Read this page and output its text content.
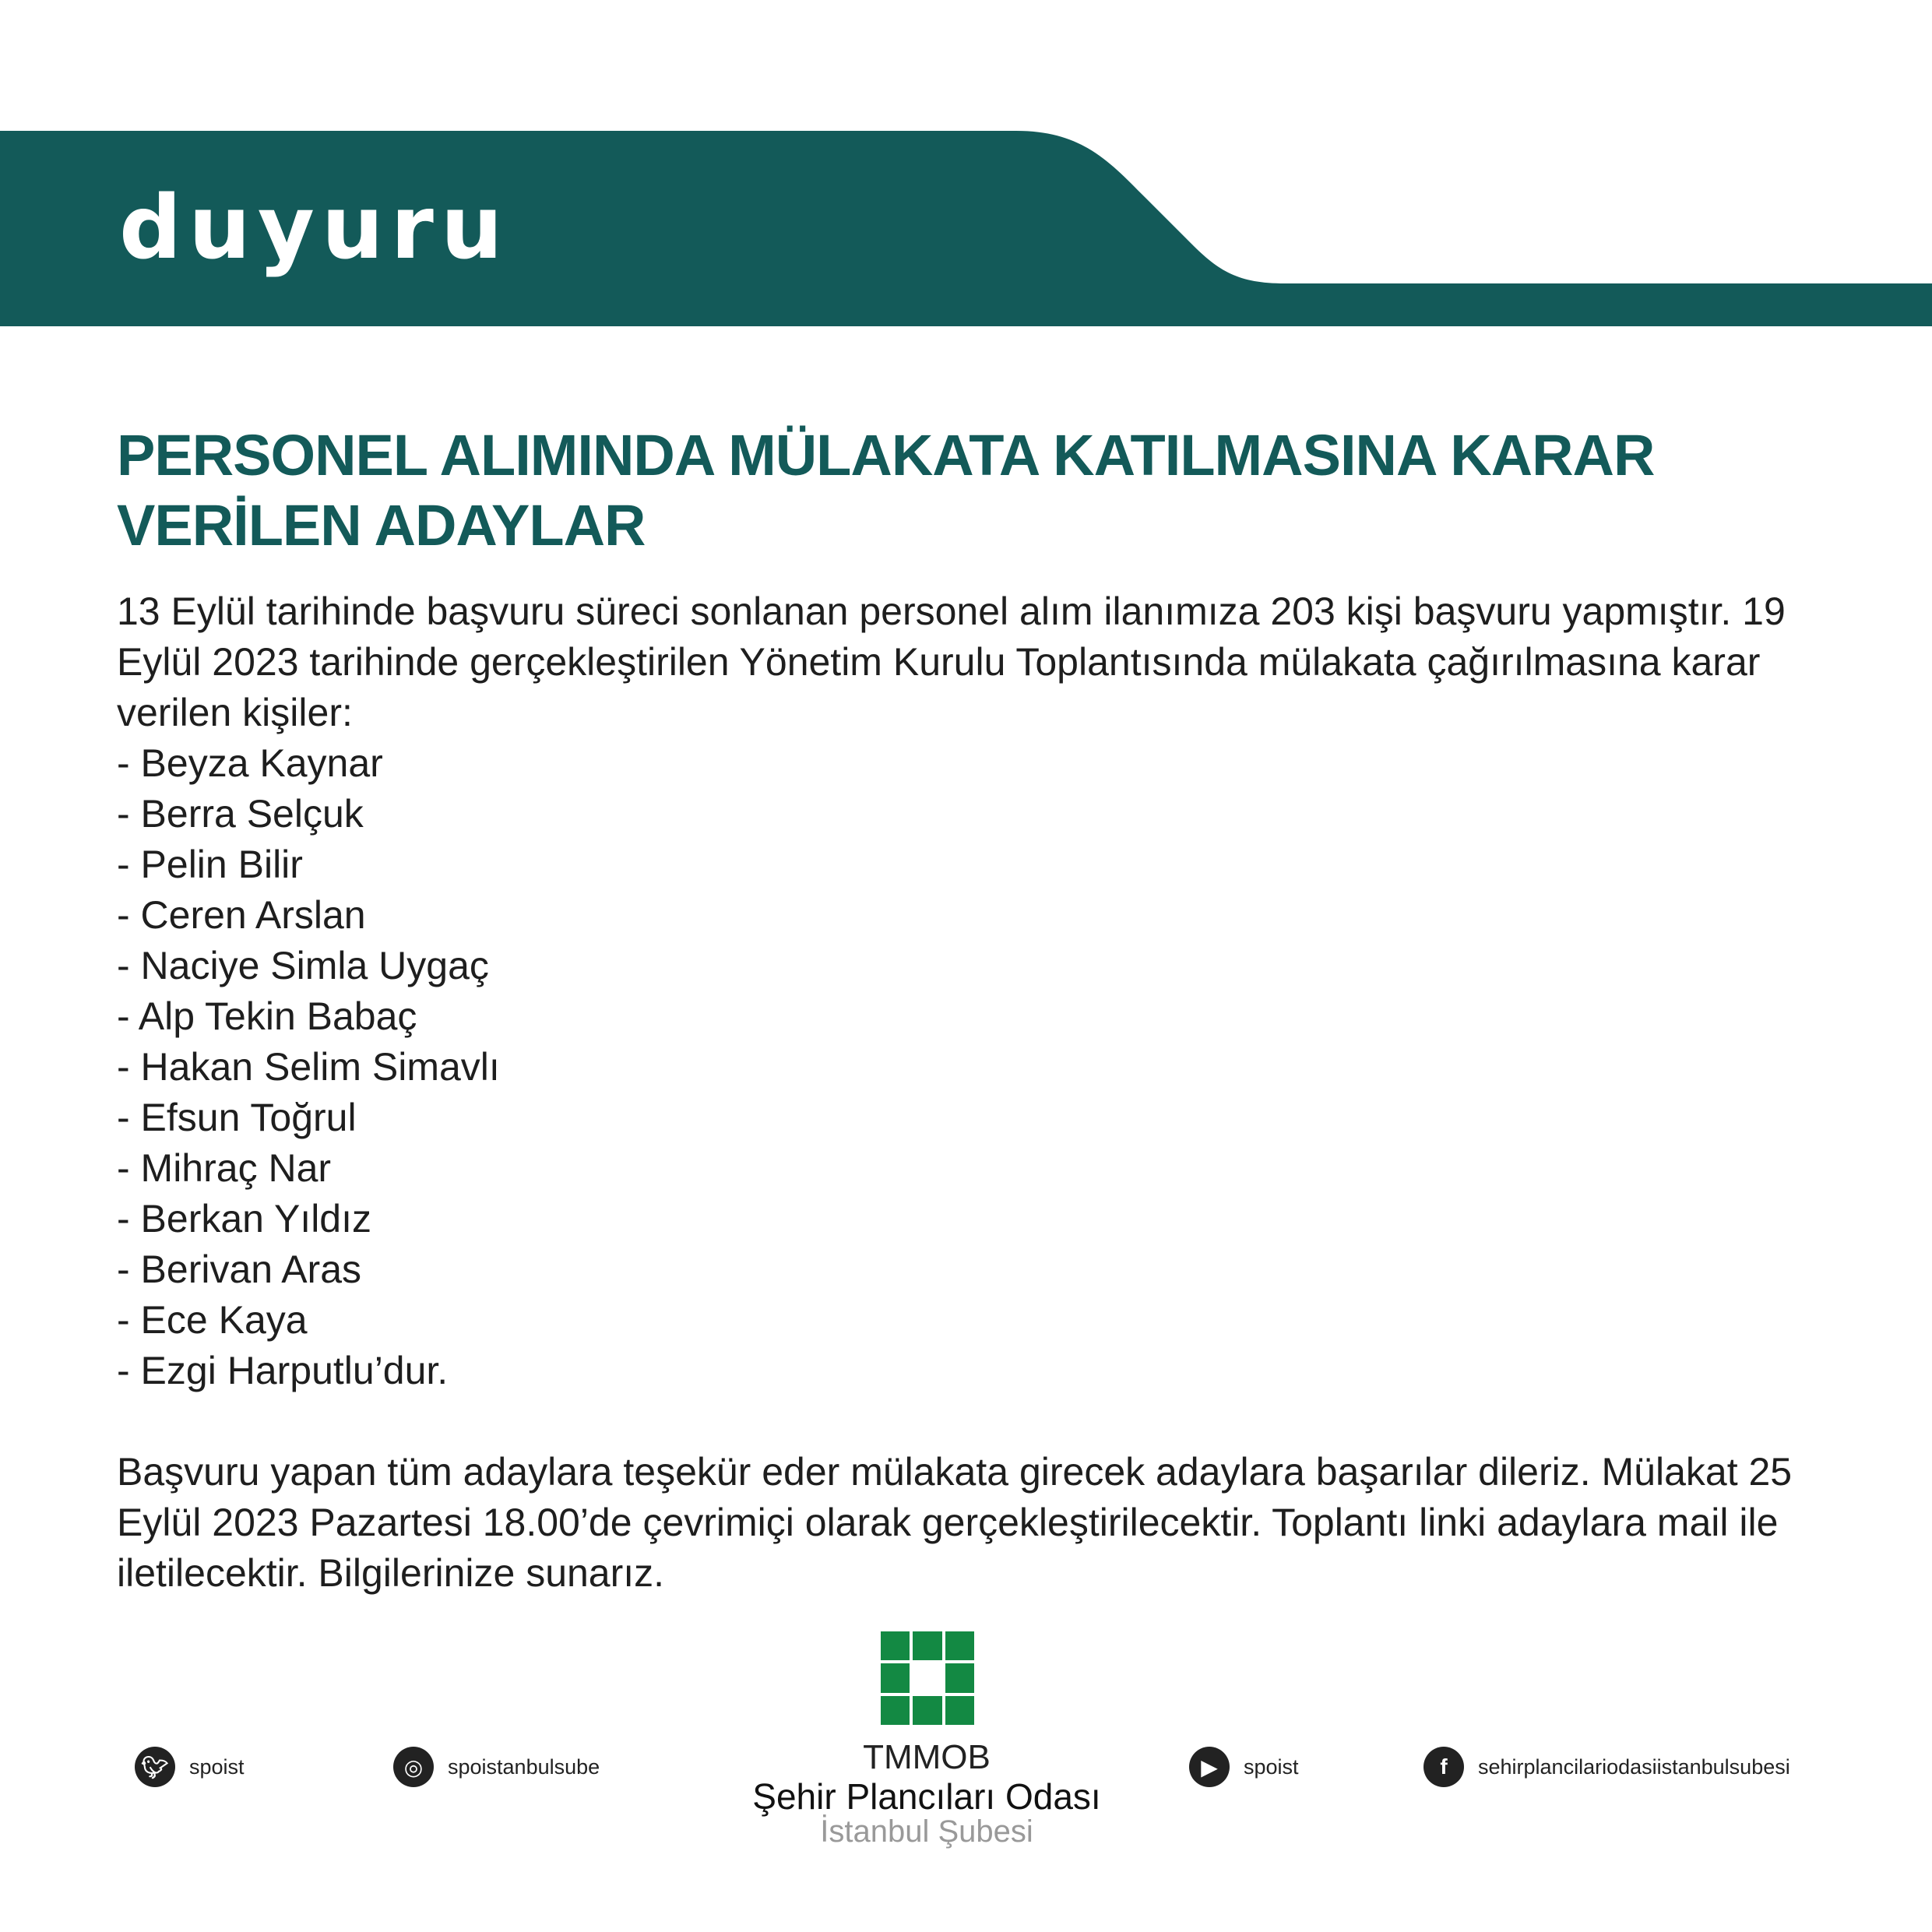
duyuru
PERSONEL ALIMINDA MÜLAKATA KATILMASINA KARAR
VERİLEN ADAYLAR

13 Eylül tarihinde başvuru süreci sonlanan personel alım ilanımıza 203 kişi başvuru yapmıştır. 19 Eylül 2023 tarihinde gerçekleştirilen Yönetim Kurulu Toplantısında mülakata çağırılmasına karar verilen kişiler:

- Beyza Kaynar
- Berra Selçuk
- Pelin Bilir
- Ceren Arslan
- Naciye Simla Uygaç
- Alp Tekin Babaç
- Hakan Selim Simavlı
- Efsun Toğrul
- Mihraç Nar
- Berkan Yıldız
- Berivan Aras
- Ece Kaya
- Ezgi Harputlu’dur.

Başvuru yapan tüm adaylara teşekür eder mülakata girecek adaylara başarılar dileriz. Mülakat 25 Eylül 2023 Pazartesi 18.00’de çevrimiçi olarak gerçekleştirilecektir. Toplantı linki adaylara mail ile iletilecektir. Bilgilerinize sunarız.

TMMOB
Şehir Plancıları Odası
İstanbul Şubesi
🐦︎ spoist	◎	spoistanbulsube	▶	spoist	f	sehirplancilariodasiistanbulsubesi
